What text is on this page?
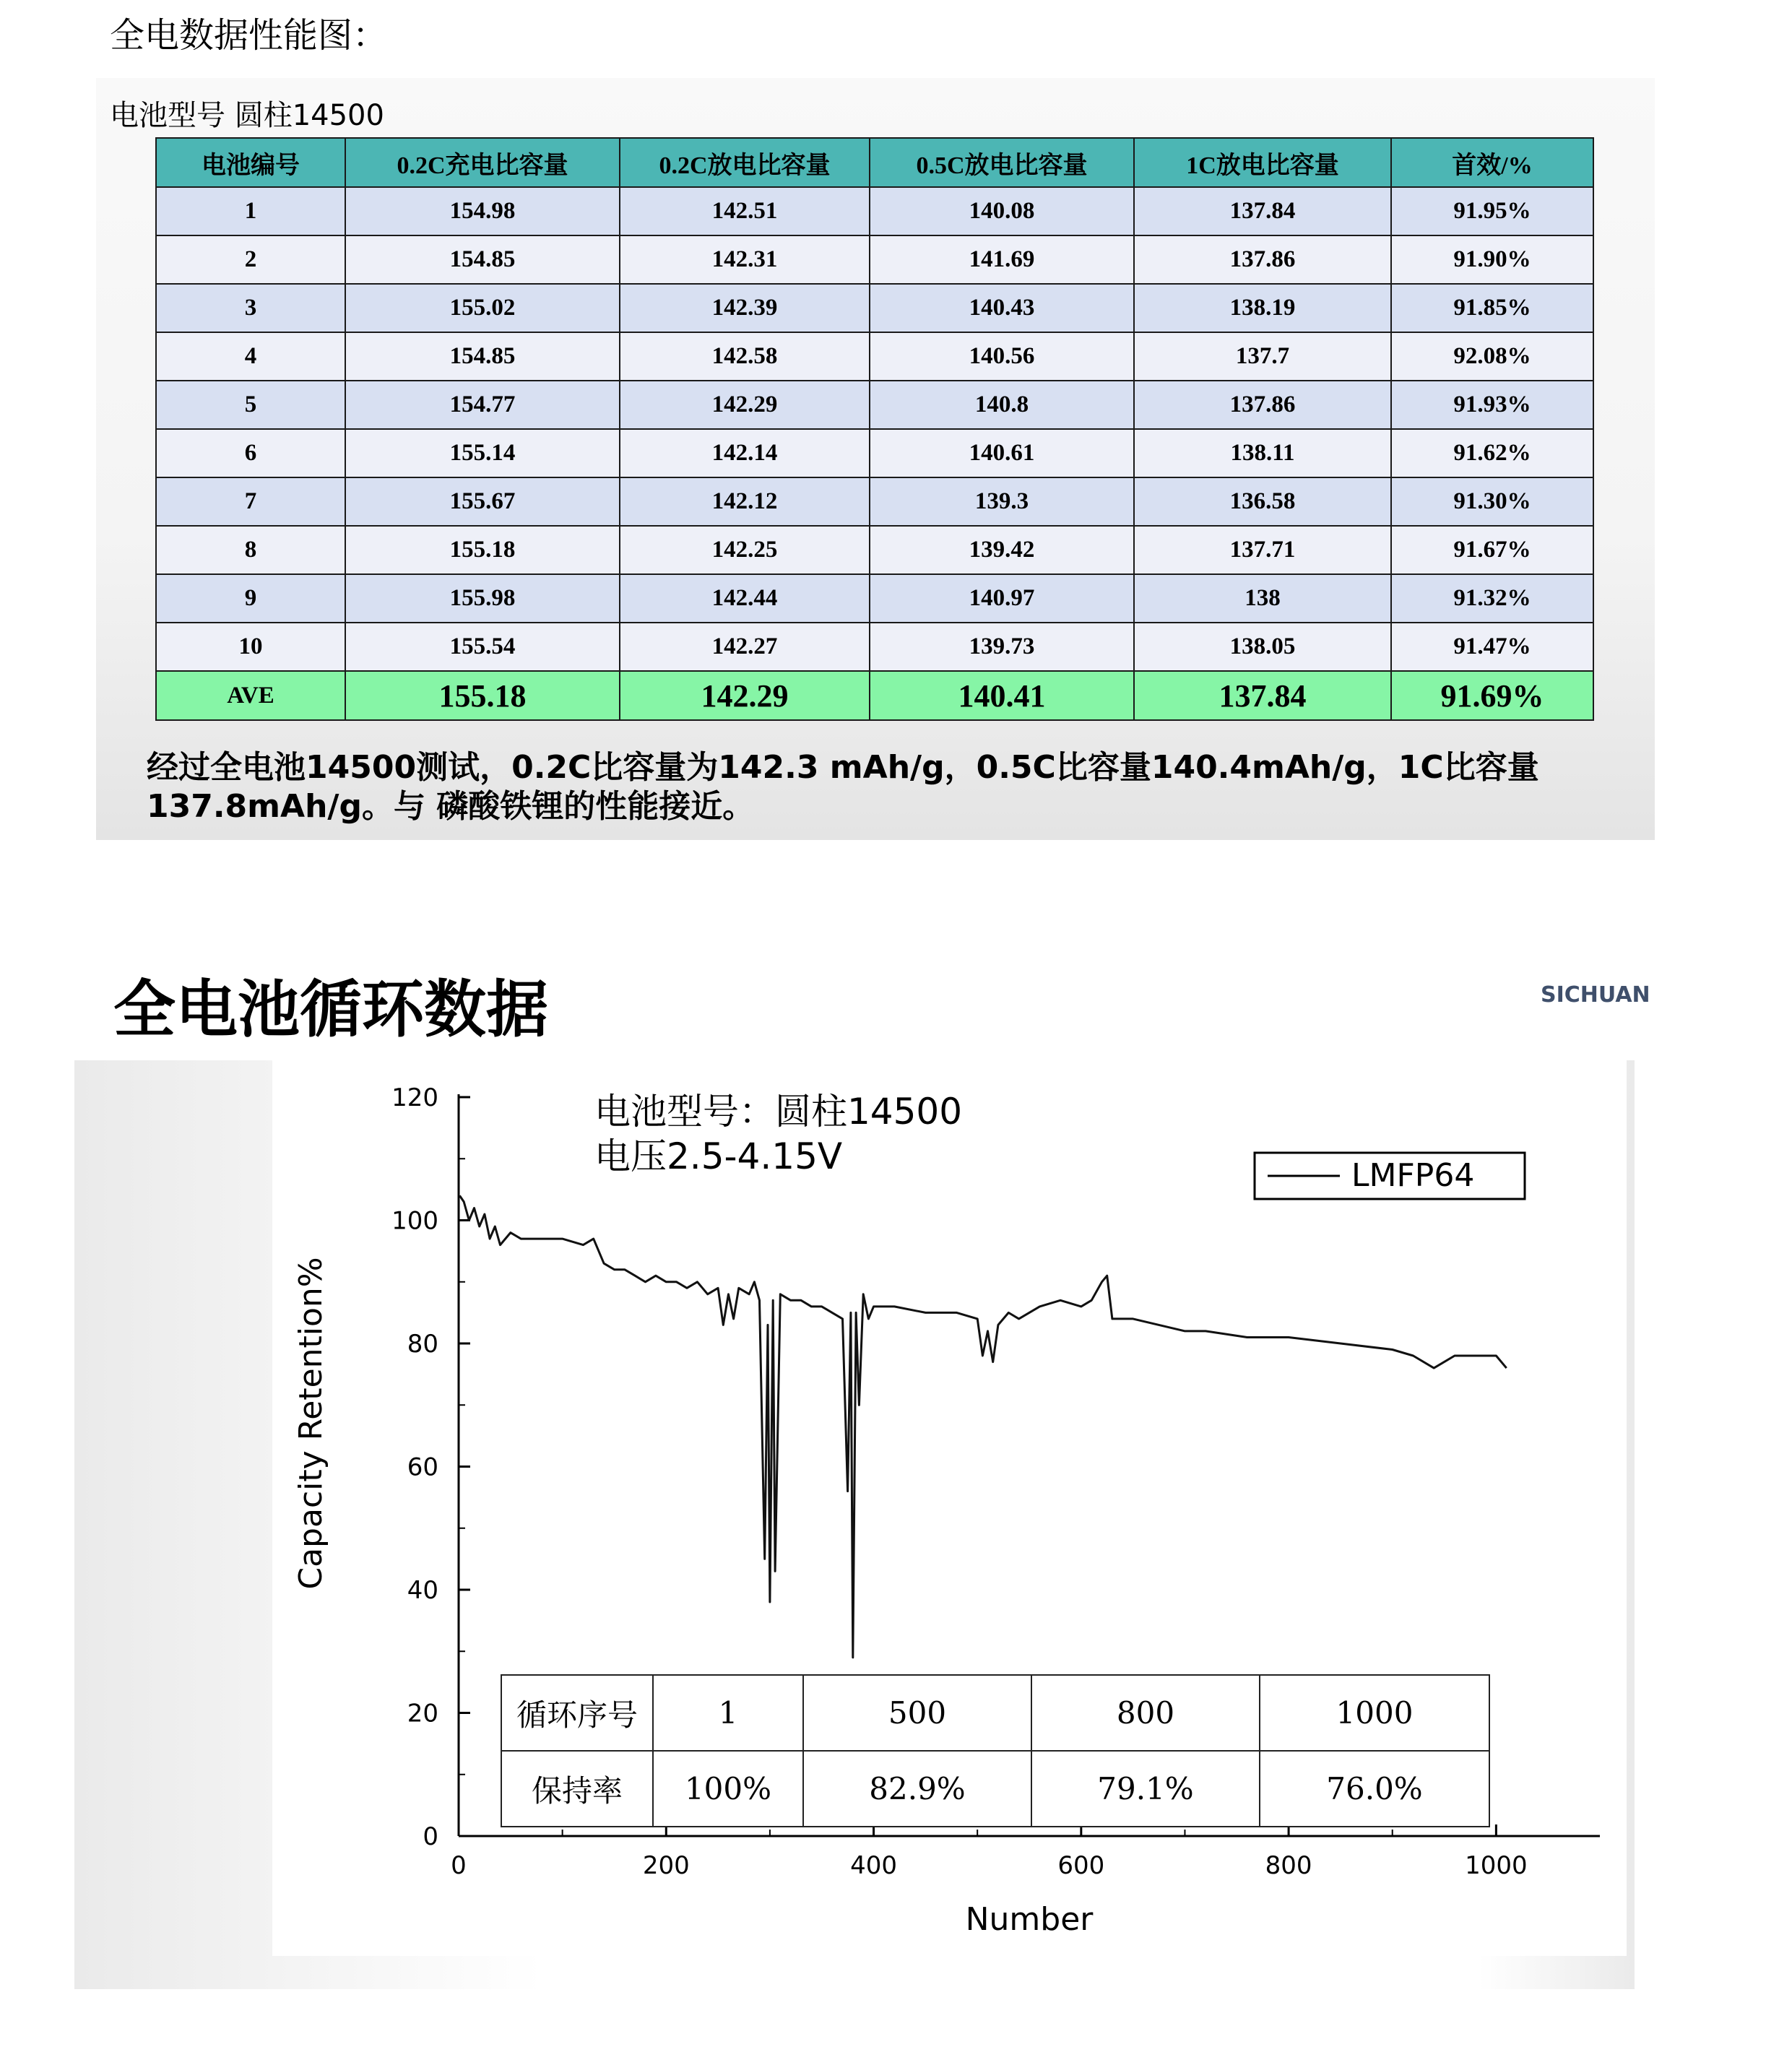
全电数据性能图：
电池型号 圆柱14500
电池编号	0.2C充电比容量	0.2C放电比容量	0.5C放电比容量	1C放电比容量	首效/%
1	154.98	142.51	140.08	137.84	91.95%
2	154.85	142.31	141.69	137.86	91.90%
3	155.02	142.39	140.43	138.19	91.85%
4	154.85	142.58	140.56	137.7	92.08%
5	154.77	142.29	140.8	137.86	91.93%
6	155.14	142.14	140.61	138.11	91.62%
7	155.67	142.12	139.3	136.58	91.30%
8	155.18	142.25	139.42	137.71	91.67%
9	155.98	142.44	140.97	138	91.32%
10	155.54	142.27	139.73	138.05	91.47%
AVE	155.18	142.29	140.41	137.84	91.69%
经过全电池14500测试，0.2C比容量为142.3 mAh/g，0.5C比容量140.4mAh/g，1C比容量
137.8mAh/g。与 磷酸铁锂的性能接近。
全电池循环数据	SICHUAN
0
20
40
60
80
100
120
0	200	400	600	800	1000
Number
Capacity Retention%
电池型号：圆柱14500
电压2.5-4.15V	LMFP64
循环序号	1	500	800	1000
保持率	100%	82.9%	79.1%	76.0%
